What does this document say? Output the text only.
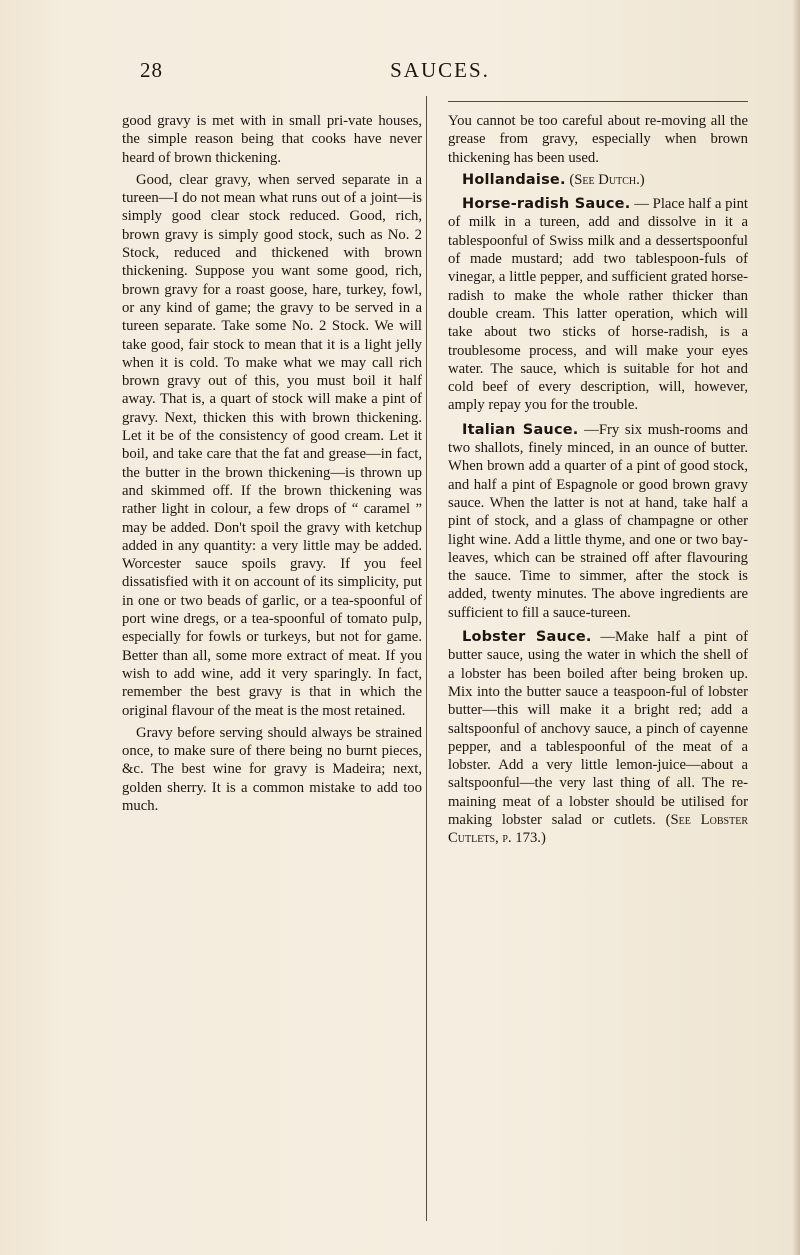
28	SAUCES.

good gravy is met with in small pri-vate houses, the simple reason being that cooks have never heard of brown thickening.

Good, clear gravy, when served separate in a tureen—I do not mean what runs out of a joint—is simply good clear stock reduced. Good, rich, brown gravy is simply good stock, such as No. 2 Stock, reduced and thickened with brown thickening. Suppose you want some good, rich, brown gravy for a roast goose, hare, turkey, fowl, or any kind of game; the gravy to be served in a tureen separate. Take some No. 2 Stock. We will take good, fair stock to mean that it is a light jelly when it is cold. To make what we may call rich brown gravy out of this, you must boil it half away. That is, a quart of stock will make a pint of gravy. Next, thicken this with brown thickening. Let it be of the consistency of good cream. Let it boil, and take care that the fat and grease—in fact, the butter in the brown thickening—is thrown up and skimmed off. If the brown thickening was rather light in colour, a few drops of “ caramel ” may be added. Don't spoil the gravy with ketchup added in any quantity: a very little may be added. Worcester sauce spoils gravy. If you feel dissatisfied with it on account of its simplicity, put in one or two beads of garlic, or a tea-spoonful of port wine dregs, or a tea-spoonful of tomato pulp, especially for fowls or turkeys, but not for game. Better than all, some more extract of meat. If you wish to add wine, add it very sparingly. In fact, remember the best gravy is that in which the original flavour of the meat is the most retained.

Gravy before serving should always be strained once, to make sure of there being no burnt pieces, &c. The best wine for gravy is Madeira; next, golden sherry. It is a common mistake to add too much.

You cannot be too careful about re-moving all the grease from gravy, especially when brown thickening has been used.

Hollandaise. (See Dutch.)

Horse-radish Sauce. — Place half a pint of milk in a tureen, add and dissolve in it a tablespoonful of Swiss milk and a dessertspoonful of made mustard; add two tablespoon-fuls of vinegar, a little pepper, and sufficient grated horse-radish to make the whole rather thicker than double cream. This latter operation, which will take about two sticks of horse-radish, is a troublesome process, and will make your eyes water. The sauce, which is suitable for hot and cold beef of every description, will, however, amply repay you for the trouble.

Italian Sauce. —Fry six mush-rooms and two shallots, finely minced, in an ounce of butter. When brown add a quarter of a pint of good stock, and half a pint of Espagnole or good brown gravy sauce. When the latter is not at hand, take half a pint of stock, and a glass of champagne or other light wine. Add a little thyme, and one or two bay-leaves, which can be strained off after flavouring the sauce. Time to simmer, after the stock is added, twenty minutes. The above ingredients are sufficient to fill a sauce-tureen.

Lobster Sauce. —Make half a pint of butter sauce, using the water in which the shell of a lobster has been boiled after being broken up. Mix into the butter sauce a teaspoon-ful of lobster butter—this will make it a bright red; add a saltspoonful of anchovy sauce, a pinch of cayenne pepper, and a tablespoonful of the meat of a lobster. Add a very little lemon-juice—about a saltspoonful—the very last thing of all. The re-maining meat of a lobster should be utilised for making lobster salad or cutlets. (See Lobster Cutlets, p. 173.)
